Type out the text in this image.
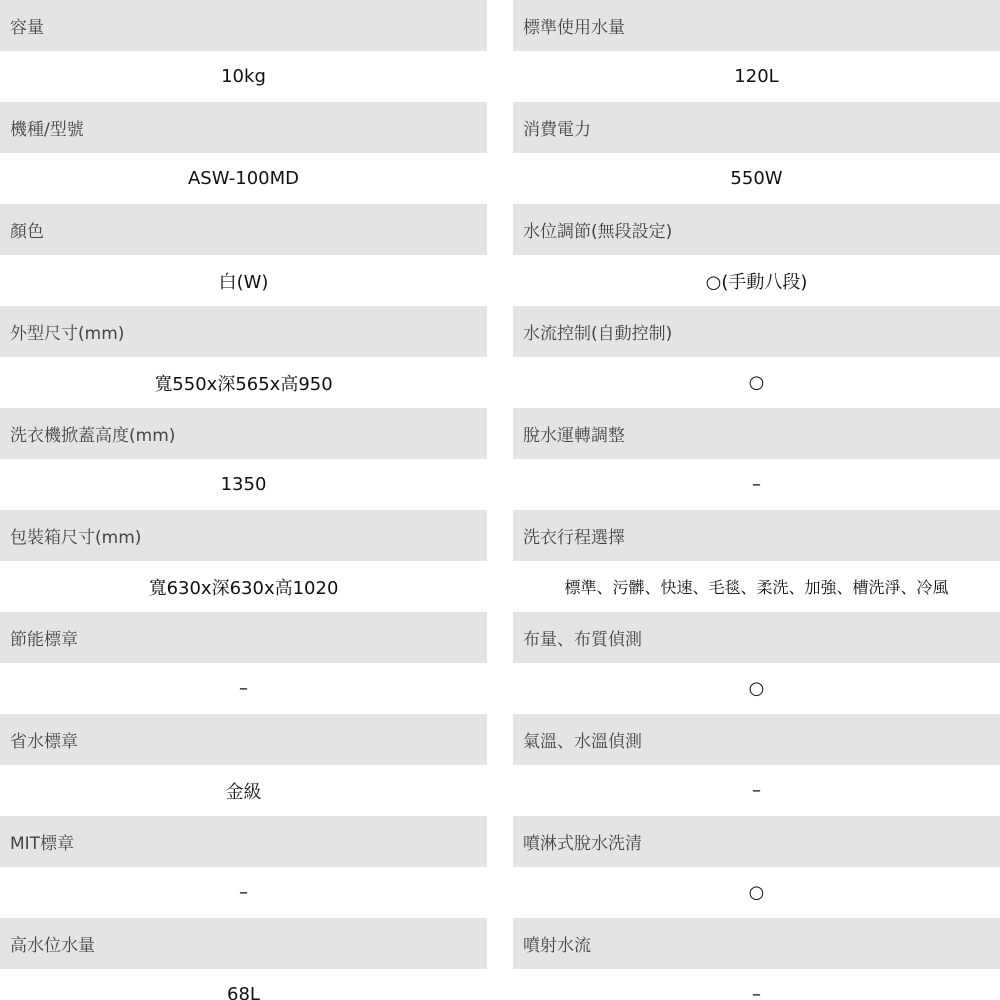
容量
10kg
機種/型號
ASW-100MD
顏色
白(W)
外型尺寸(mm)
寬550x深565x高950
洗衣機掀蓋高度(mm)
1350
包裝箱尺寸(mm)
寬630x深630x高1020
節能標章
–
省水標章
金級
MIT標章
–
高水位水量
68L
標準使用水量
120L
消費電力
550W
水位調節(無段設定)
○(手動八段)
水流控制(自動控制)
○
脫水運轉調整
–
洗衣行程選擇
標準、污髒、快速、毛毯、柔洗、加強、槽洗淨、冷風
布量、布質偵測
○
氣溫、水溫偵測
–
噴淋式脫水洗清
○
噴射水流
–
